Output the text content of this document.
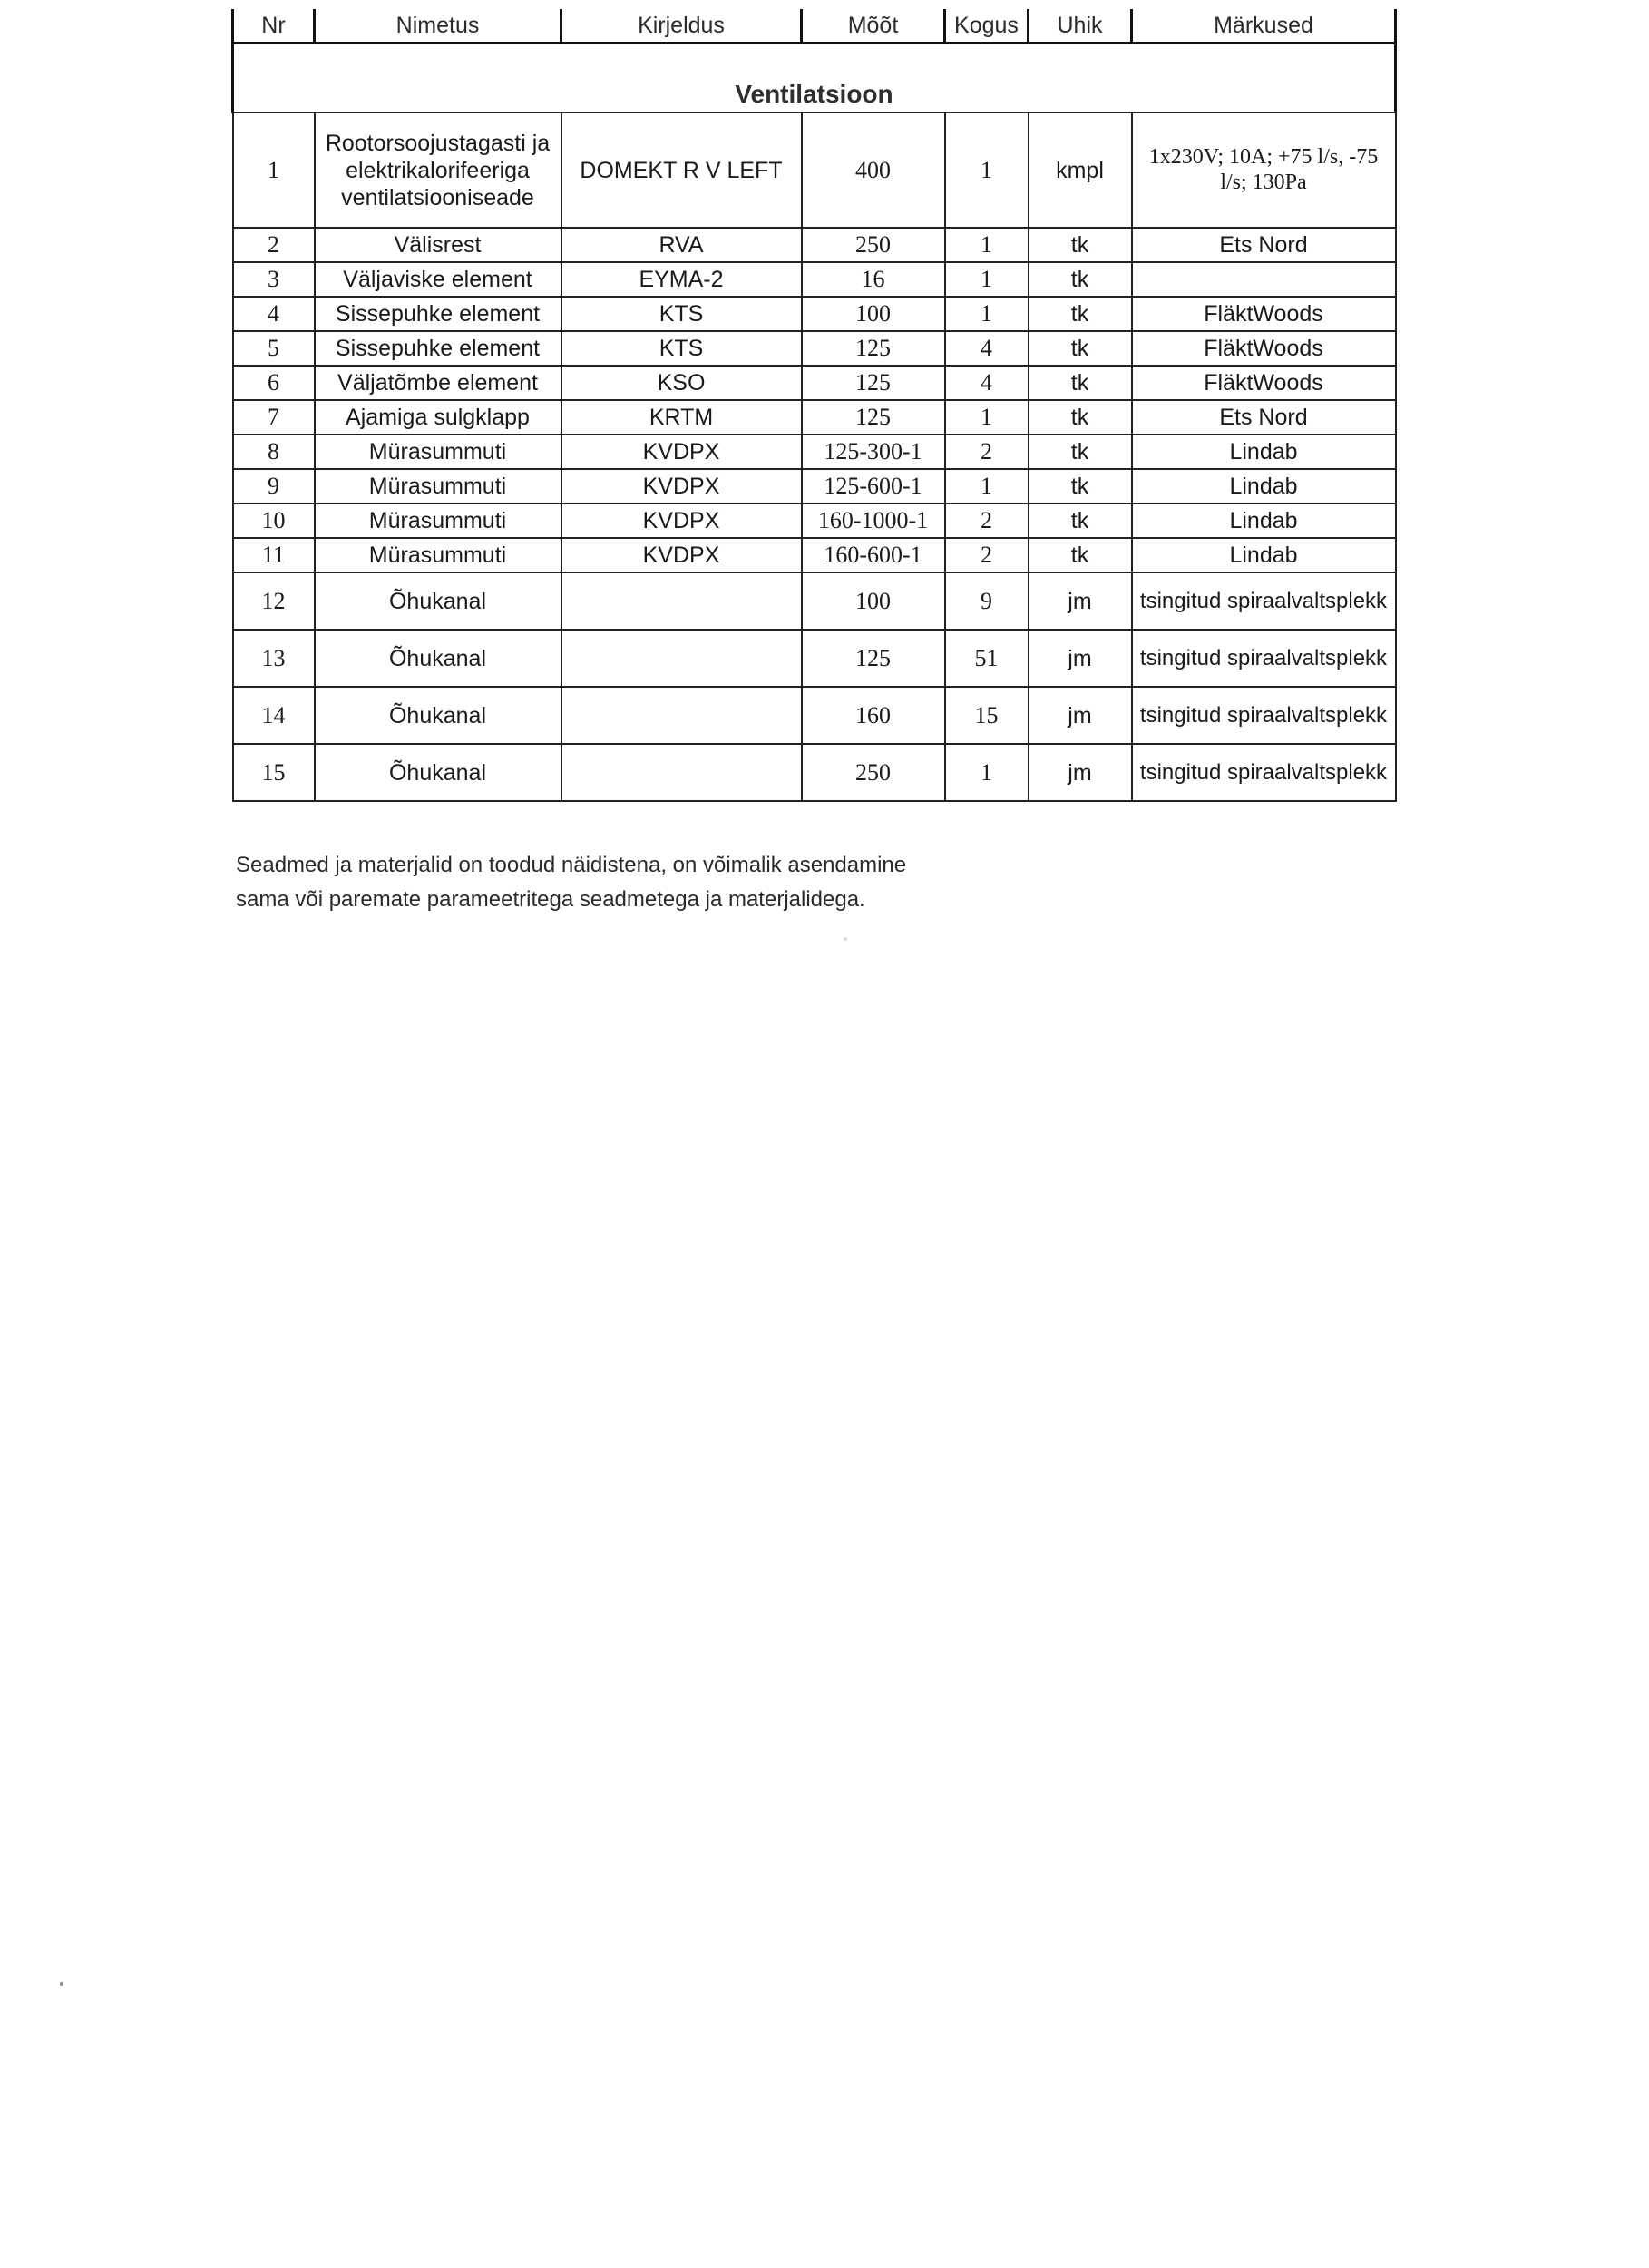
Nr	Nimetus	Kirjeldus	Mõõt	Kogus	Uhik	Märkused
Ventilatsioon						
1	Rootorsoojustagasti ja elektrikalorifeeriga ventilatsiooniseade	DOMEKT R V LEFT	400	1	kmpl	1x230V; 10A; +75 l/s, -75 l/s; 130Pa
2	Välisrest	RVA	250	1	tk	Ets Nord
3	Väljaviske element	EYMA-2	16	1	tk	
4	Sissepuhke element	KTS	100	1	tk	FläktWoods
5	Sissepuhke element	KTS	125	4	tk	FläktWoods
6	Väljatõmbe element	KSO	125	4	tk	FläktWoods
7	Ajamiga sulgklapp	KRTM	125	1	tk	Ets Nord
8	Mürasummuti	KVDPX	125-300-1	2	tk	Lindab
9	Mürasummuti	KVDPX	125-600-1	1	tk	Lindab
10	Mürasummuti	KVDPX	160-1000-1	2	tk	Lindab
11	Mürasummuti	KVDPX	160-600-1	2	tk	Lindab
12	Õhukanal		100	9	jm	tsingitud spiraalvaltsplekk
13	Õhukanal		125	51	jm	tsingitud spiraalvaltsplekk
14	Õhukanal		160	15	jm	tsingitud spiraalvaltsplekk
15	Õhukanal		250	1	jm	tsingitud spiraalvaltsplekk

Seadmed ja materjalid on toodud näidistena, on võimalik asendamine

sama või paremate parameetritega seadmetega ja materjalidega.
